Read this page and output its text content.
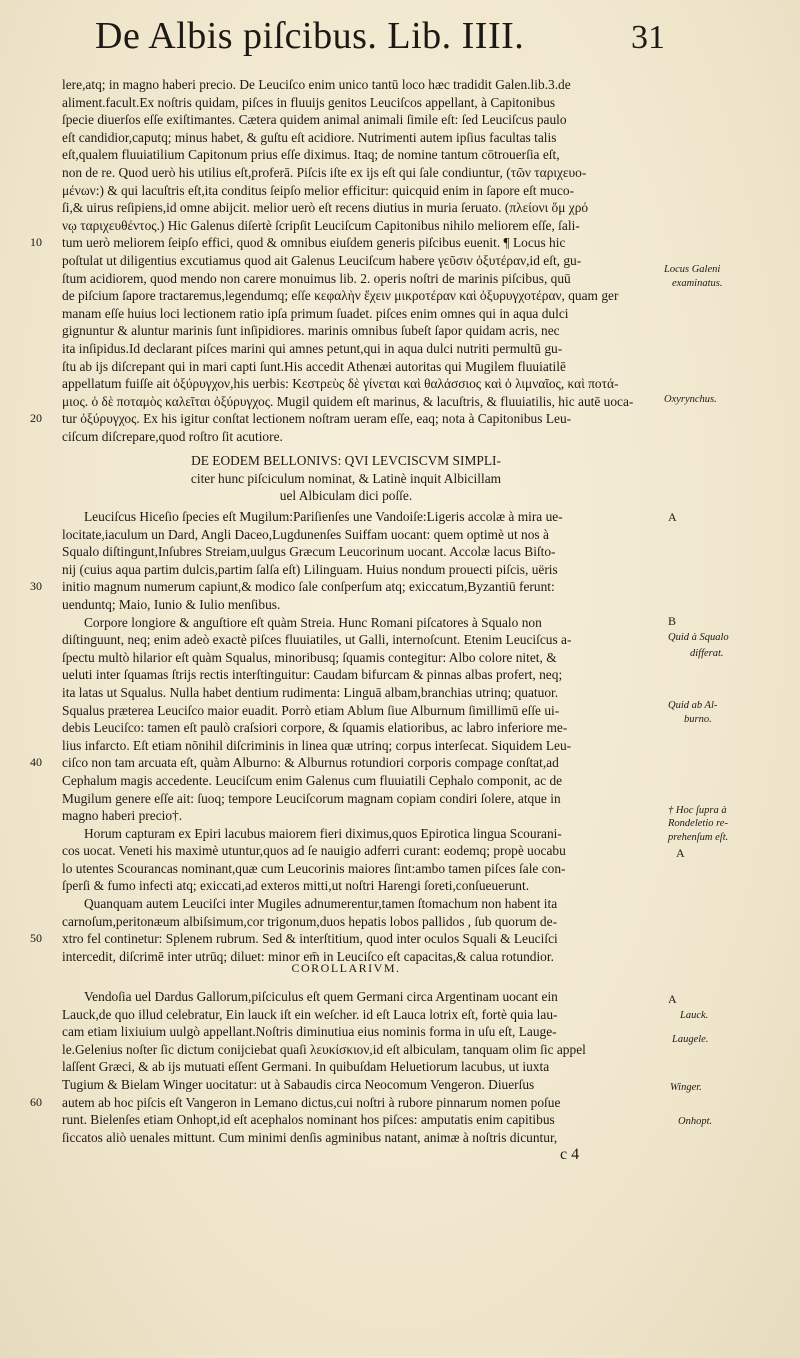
De Albis piſcibus. Lib. IIII.	31
lere,atq; in magno haberi precio. De Leuciſco enim unico tantū loco hæc tradidit Galen.lib.3.de
aliment.facult.Ex noſtris quidam, piſces in fluuijs genitos Leuciſcos appellant, à Capitonibus
ſpecie diuerſos eſſe exiſtimantes. Cætera quidem animal animali ſimile eſt: ſed Leuciſcus paulo
eſt candidior,caputq; minus habet, & guſtu eſt acidiore. Nutrimenti autem ipſius facultas talis
eſt,qualem fluuiatilium Capitonum prius eſſe diximus. Itaq; de nomine tantum cōtrouerſia eſt,
non de re. Quod uerò his utilius eſt,proferā. Piſcis iſte ex ijs eſt qui ſale condiuntur, (τῶν ταριχευο-
μένων:) & qui lacuſtris eſt,ita conditus ſeipſo melior efficitur: quicquid enim in ſapore eſt muco-
ſi,& uirus reſipiens,id omne abijcit. melior uerò eſt recens diutius in muria ſeruato. (πλείονι ὅμ χρό
νῳ ταριχευθέντος.) Hic Galenus diſertè ſcripſit Leuciſcum Capitonibus nihilo meliorem eſſe, ſali-
10 tum uerò meliorem ſeipſo effici, quod & omnibus eiuſdem generis piſcibus euenit. ¶ Locus hic
poſtulat ut diligentius excutiamus quod ait Galenus Leuciſcum habere γεῦσιν ὀξυτέραν,id eſt, gu-
ſtum acidiorem, quod mendo non carere monuimus lib. 2. operis noſtri de marinis piſcibus, quū
de piſcium ſapore tractaremus,legendumq; eſſe κεφαλὴν ἔχειν μικροτέραν καὶ ὀξυρυγχοτέραν, quam ger
manam eſſe huius loci lectionem ratio ipſa primum ſuadet. piſces enim omnes qui in aqua dulci
gignuntur & aluntur marinis ſunt inſipidiores. marinis omnibus ſubeſt ſapor quidam acris, nec
ita inſipidus.Id declarant piſces marini qui amnes petunt,qui in aqua dulci nutriti permultū gu-
ſtu ab ijs diſcrepant qui in mari capti ſunt.His accedit Athenæi autoritas qui Mugilem fluuiatilē
appellatum fuiſſe ait ὀξύρυγχον,his uerbis: Κεστρεὺς δὲ γίνεται καὶ θαλάσσιος καὶ ὁ λιμναῖος, καὶ ποτά-
μιος. ὁ δὲ ποταμὸς καλεῖται ὀξύρυγχος. Mugil quidem eſt marinus, & lacuſtris, & fluuiatilis, hic autē uoca-
20 tur ὀξύρυγχος. Ex his igitur conſtat lectionem noſtram ueram eſſe, eaq; nota à Capitonibus Leu-
ciſcum diſcrepare,quod roſtro ſit acutiore.
DE EODEM BELLONIVS: QVI LEVCISCVM SIMPLI-
citer hunc piſciculum nominat, & Latinè inquit Albicillam
uel Albiculam dici poſſe.
Leuciſcus Hiceſio ſpecies eſt Mugilum:Pariſienſes une Vandoiſe:Ligeris accolæ à mira ue-
locitate,iaculum un Dard, Angli Daceo,Lugdunenſes Suiffam uocant: quem optimè ut nos à
Squalo diſtingunt,Inſubres Streiam,uulgus Græcum Leucorinum uocant. Accolæ lacus Biſto-
nij (cuius aqua partim dulcis,partim ſalſa eſt) Lilinguam. Huius nondum prouecti piſcis, uëris
30 initio magnum numerum capiunt,& modico ſale conſperſum atq; exiccatum,Byzantiū ferunt:
uenduntq; Maio, Iunio & Iulio menſibus.
Corpore longiore & anguſtiore eſt quàm Streia. Hunc Romani piſcatores à Squalo non
diſtinguunt, neq; enim adeò exactè piſces fluuiatiles, ut Galli, internoſcunt. Etenim Leuciſcus a-
ſpectu multò hilarior eſt quàm Squalus, minoribusq; ſquamis contegitur: Albo colore nitet, &
ueluti inter ſquamas ſtrijs rectis interſtinguitur: Caudam bifurcam & pinnas albas profert, neq;
ita latas ut Squalus. Nulla habet dentium rudimenta: Linguā albam,branchias utrinq; quatuor.
Squalus præterea Leuciſco maior euadit. Porrò etiam Ablum ſiue Alburnum ſimillimū eſſe ui-
debis Leuciſco: tamen eſt paulò craſsiori corpore, & ſquamis elatioribus, ac labro inferiore me-
lius infarcto. Eſt etiam nōnihil diſcriminis in linea quæ utrinq; corpus interſecat. Siquidem Leu-
40 ciſco non tam arcuata eſt, quàm Alburno: & Alburnus rotundiori corporis compage conſtat,ad
Cephalum magis accedente. Leuciſcum enim Galenus cum fluuiatili Cephalo componit, ac de
Mugilum genere eſſe ait: ſuoq; tempore Leuciſcorum magnam copiam condiri ſolere, atque in
magno haberi precio†.
Horum capturam ex Epiri lacubus maiorem fieri diximus,quos Epirotica lingua Scourani-
cos uocat. Veneti his maximè utuntur,quos ad ſe nauigio adferri curant: eodemq; propè uocabu
lo utentes Scourancas nominant,quæ cum Leucorinis maiores ſint:ambo tamen piſces ſale con-
ſperſi & fumo infecti atq; exiccati,ad exteros mitti,ut noſtri Harengi ſoreti,conſueuerunt.
Quanquam autem Leuciſci inter Mugiles adnumerentur,tamen ſtomachum non habent ita
carnoſum,peritonæum albiſsimum,cor trigonum,duos hepatis lobos pallidos , ſub quorum de-
50 xtro fel continetur: Splenem rubrum. Sed & interſtitium, quod inter oculos Squali & Leuciſci
intercedit, diſcrimē inter utrūq; diluet: minor em̄ in Leuciſco eſt capacitas,& calua rotundior.
COROLLARIVM.
Vendoſia uel Dardus Gallorum,piſciculus eſt quem Germani circa Argentinam uocant ein
Lauck,de quo illud celebratur, Ein lauck iſt ein weſcher. id eſt Lauca lotrix eſt, fortè quia lau-
cam etiam lixiuium uulgò appellant.Noſtris diminutiua eius nominis forma in uſu eſt, Lauge-
le.Gelenius noſter ſic dictum conijciebat quaſi λευκίσκιον,id eſt albiculam, tanquam olim ſic appel
laſſent Græci, & ab ijs mutuati eſſent Germani. In quibuſdam Heluetiorum lacubus, ut iuxta
Tugium & Bielam Winger uocitatur: ut à Sabaudis circa Neocomum Vengeron. Diuerſus
60 autem ab hoc piſcis eſt Vangeron in Lemano dictus,cui noſtri à rubore pinnarum nomen poſue
runt. Bielenſes etiam Onhopt,id eſt acephalos nominant hos piſces: amputatis enim capitibus
ſiccatos aliò uenales mittunt. Cum minimi denſis agminibus natant, animæ à noſtris dicuntur,
Locus Galeni
examinatus.
Oxyrynchus.
Quid à Squalo
differat.
Quid ab Al-
burno.
† Hoc ſupra à
Rondeletio re-
prehenſum eſt.
Lauck.
Laugele.
Winger.
Onhopt.
A
B
A
A
c 4
